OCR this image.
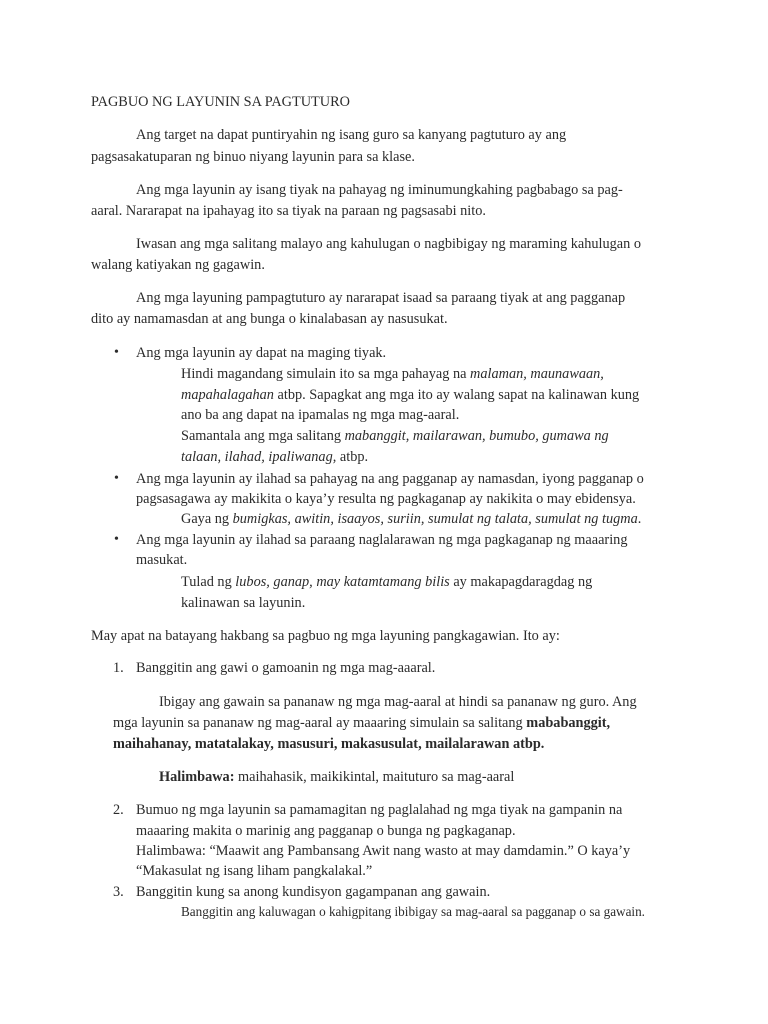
PAGBUO NG LAYUNIN SA PAGTUTURO
Ang target na dapat puntiryahin ng isang guro sa kanyang pagtuturo ay ang
pagsasakatuparan ng binuo niyang layunin para sa klase.
Ang mga layunin ay isang tiyak na pahayag ng iminumungkahing pagbabago sa pag-
aaral. Nararapat na ipahayag ito sa tiyak na paraan ng pagsasabi nito.
Iwasan ang mga salitang malayo ang kahulugan o nagbibigay ng maraming kahulugan o
walang katiyakan ng gagawin.
Ang mga layuning pampagtuturo ay nararapat isaad sa paraang tiyak at ang pagganap
dito ay namamasdan at ang bunga o kinalabasan ay nasusukat.
• Ang mga layunin ay dapat na maging tiyak.
Hindi magandang simulain ito sa mga pahayag na malaman, maunawaan,
mapahalagahan atbp. Sapagkat ang mga ito ay walang sapat na kalinawan kung
ano ba ang dapat na ipamalas ng mga mag-aaral.
Samantala ang mga salitang mabanggit, mailarawan, bumubo, gumawa ng
talaan, ilahad, ipaliwanag, atbp.
• Ang mga layunin ay ilahad sa pahayag na ang pagganap ay namasdan, iyong pagganap o
pagsasagawa ay makikita o kaya’y resulta ng pagkaganap ay nakikita o may ebidensya.
Gaya ng bumigkas, awitin, isaayos, suriin, sumulat ng talata, sumulat ng tugma.
• Ang mga layunin ay ilahad sa paraang naglalarawan ng mga pagkaganap ng maaaring
masukat.
Tulad ng lubos, ganap, may katamtamang bilis ay makapagdaragdag ng
kalinawan sa layunin.
May apat na batayang hakbang sa pagbuo ng mga layuning pangkagawian. Ito ay:
1. Banggitin ang gawi o gamoanin ng mga mag-aaaral.
Ibigay ang gawain sa pananaw ng mga mag-aaral at hindi sa pananaw ng guro. Ang
mga layunin sa pananaw ng mag-aaral ay maaaring simulain sa salitang mababanggit,
maihahanay, matatalakay, masusuri, makasusulat, mailalarawan atbp.
Halimbawa: maihahasik, maikikintal, maituturo sa mag-aaral
2. Bumuo ng mga layunin sa pamamagitan ng paglalahad ng mga tiyak na gampanin na
maaaring makita o marinig ang pagganap o bunga ng pagkaganap.
Halimbawa: “Maawit ang Pambansang Awit nang wasto at may damdamin.” O kaya’y
“Makasulat ng isang liham pangkalakal.”
3. Banggitin kung sa anong kundisyon gagampanan ang gawain.
Banggitin ang kaluwagan o kahigpitang ibibigay sa mag-aaral sa pagganap o sa gawain.
